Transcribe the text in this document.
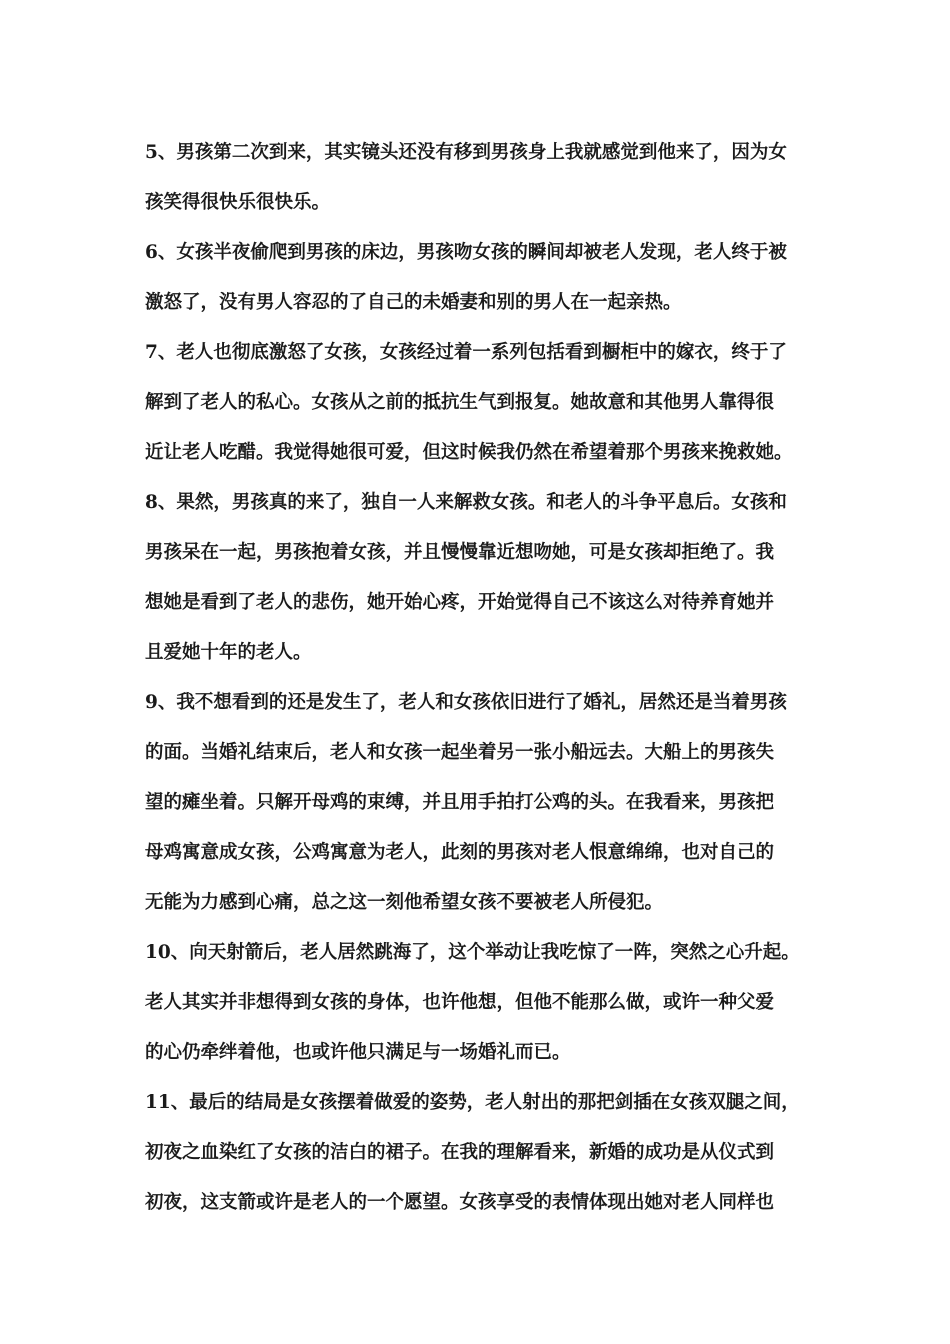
5、男孩第二次到来，其实镜头还没有移到男孩身上我就感觉到他来了，因为女
孩笑得很快乐很快乐。
6、女孩半夜偷爬到男孩的床边，男孩吻女孩的瞬间却被老人发现，老人终于被
激怒了，没有男人容忍的了自己的未婚妻和别的男人在一起亲热。
7、老人也彻底激怒了女孩，女孩经过着一系列包括看到橱柜中的嫁衣，终于了
解到了老人的私心。女孩从之前的抵抗生气到报复。她故意和其他男人靠得很
近让老人吃醋。我觉得她很可爱，但这时候我仍然在希望着那个男孩来挽救她。
8、果然，男孩真的来了，独自一人来解救女孩。和老人的斗争平息后。女孩和
男孩呆在一起，男孩抱着女孩，并且慢慢靠近想吻她，可是女孩却拒绝了。我
想她是看到了老人的悲伤，她开始心疼，开始觉得自己不该这么对待养育她并
且爱她十年的老人。
9、我不想看到的还是发生了，老人和女孩依旧进行了婚礼，居然还是当着男孩
的面。当婚礼结束后，老人和女孩一起坐着另一张小船远去。大船上的男孩失
望的瘫坐着。只解开母鸡的束缚，并且用手拍打公鸡的头。在我看来，男孩把
母鸡寓意成女孩，公鸡寓意为老人，此刻的男孩对老人恨意绵绵，也对自己的
无能为力感到心痛，总之这一刻他希望女孩不要被老人所侵犯。
10、向天射箭后，老人居然跳海了，这个举动让我吃惊了一阵，突然之心升起。
老人其实并非想得到女孩的身体，也许他想，但他不能那么做，或许一种父爱
的心仍牵绊着他，也或许他只满足与一场婚礼而已。
11、最后的结局是女孩摆着做爱的姿势，老人射出的那把剑插在女孩双腿之间，
初夜之血染红了女孩的洁白的裙子。在我的理解看来，新婚的成功是从仪式到
初夜，这支箭或许是老人的一个愿望。女孩享受的表情体现出她对老人同样也
